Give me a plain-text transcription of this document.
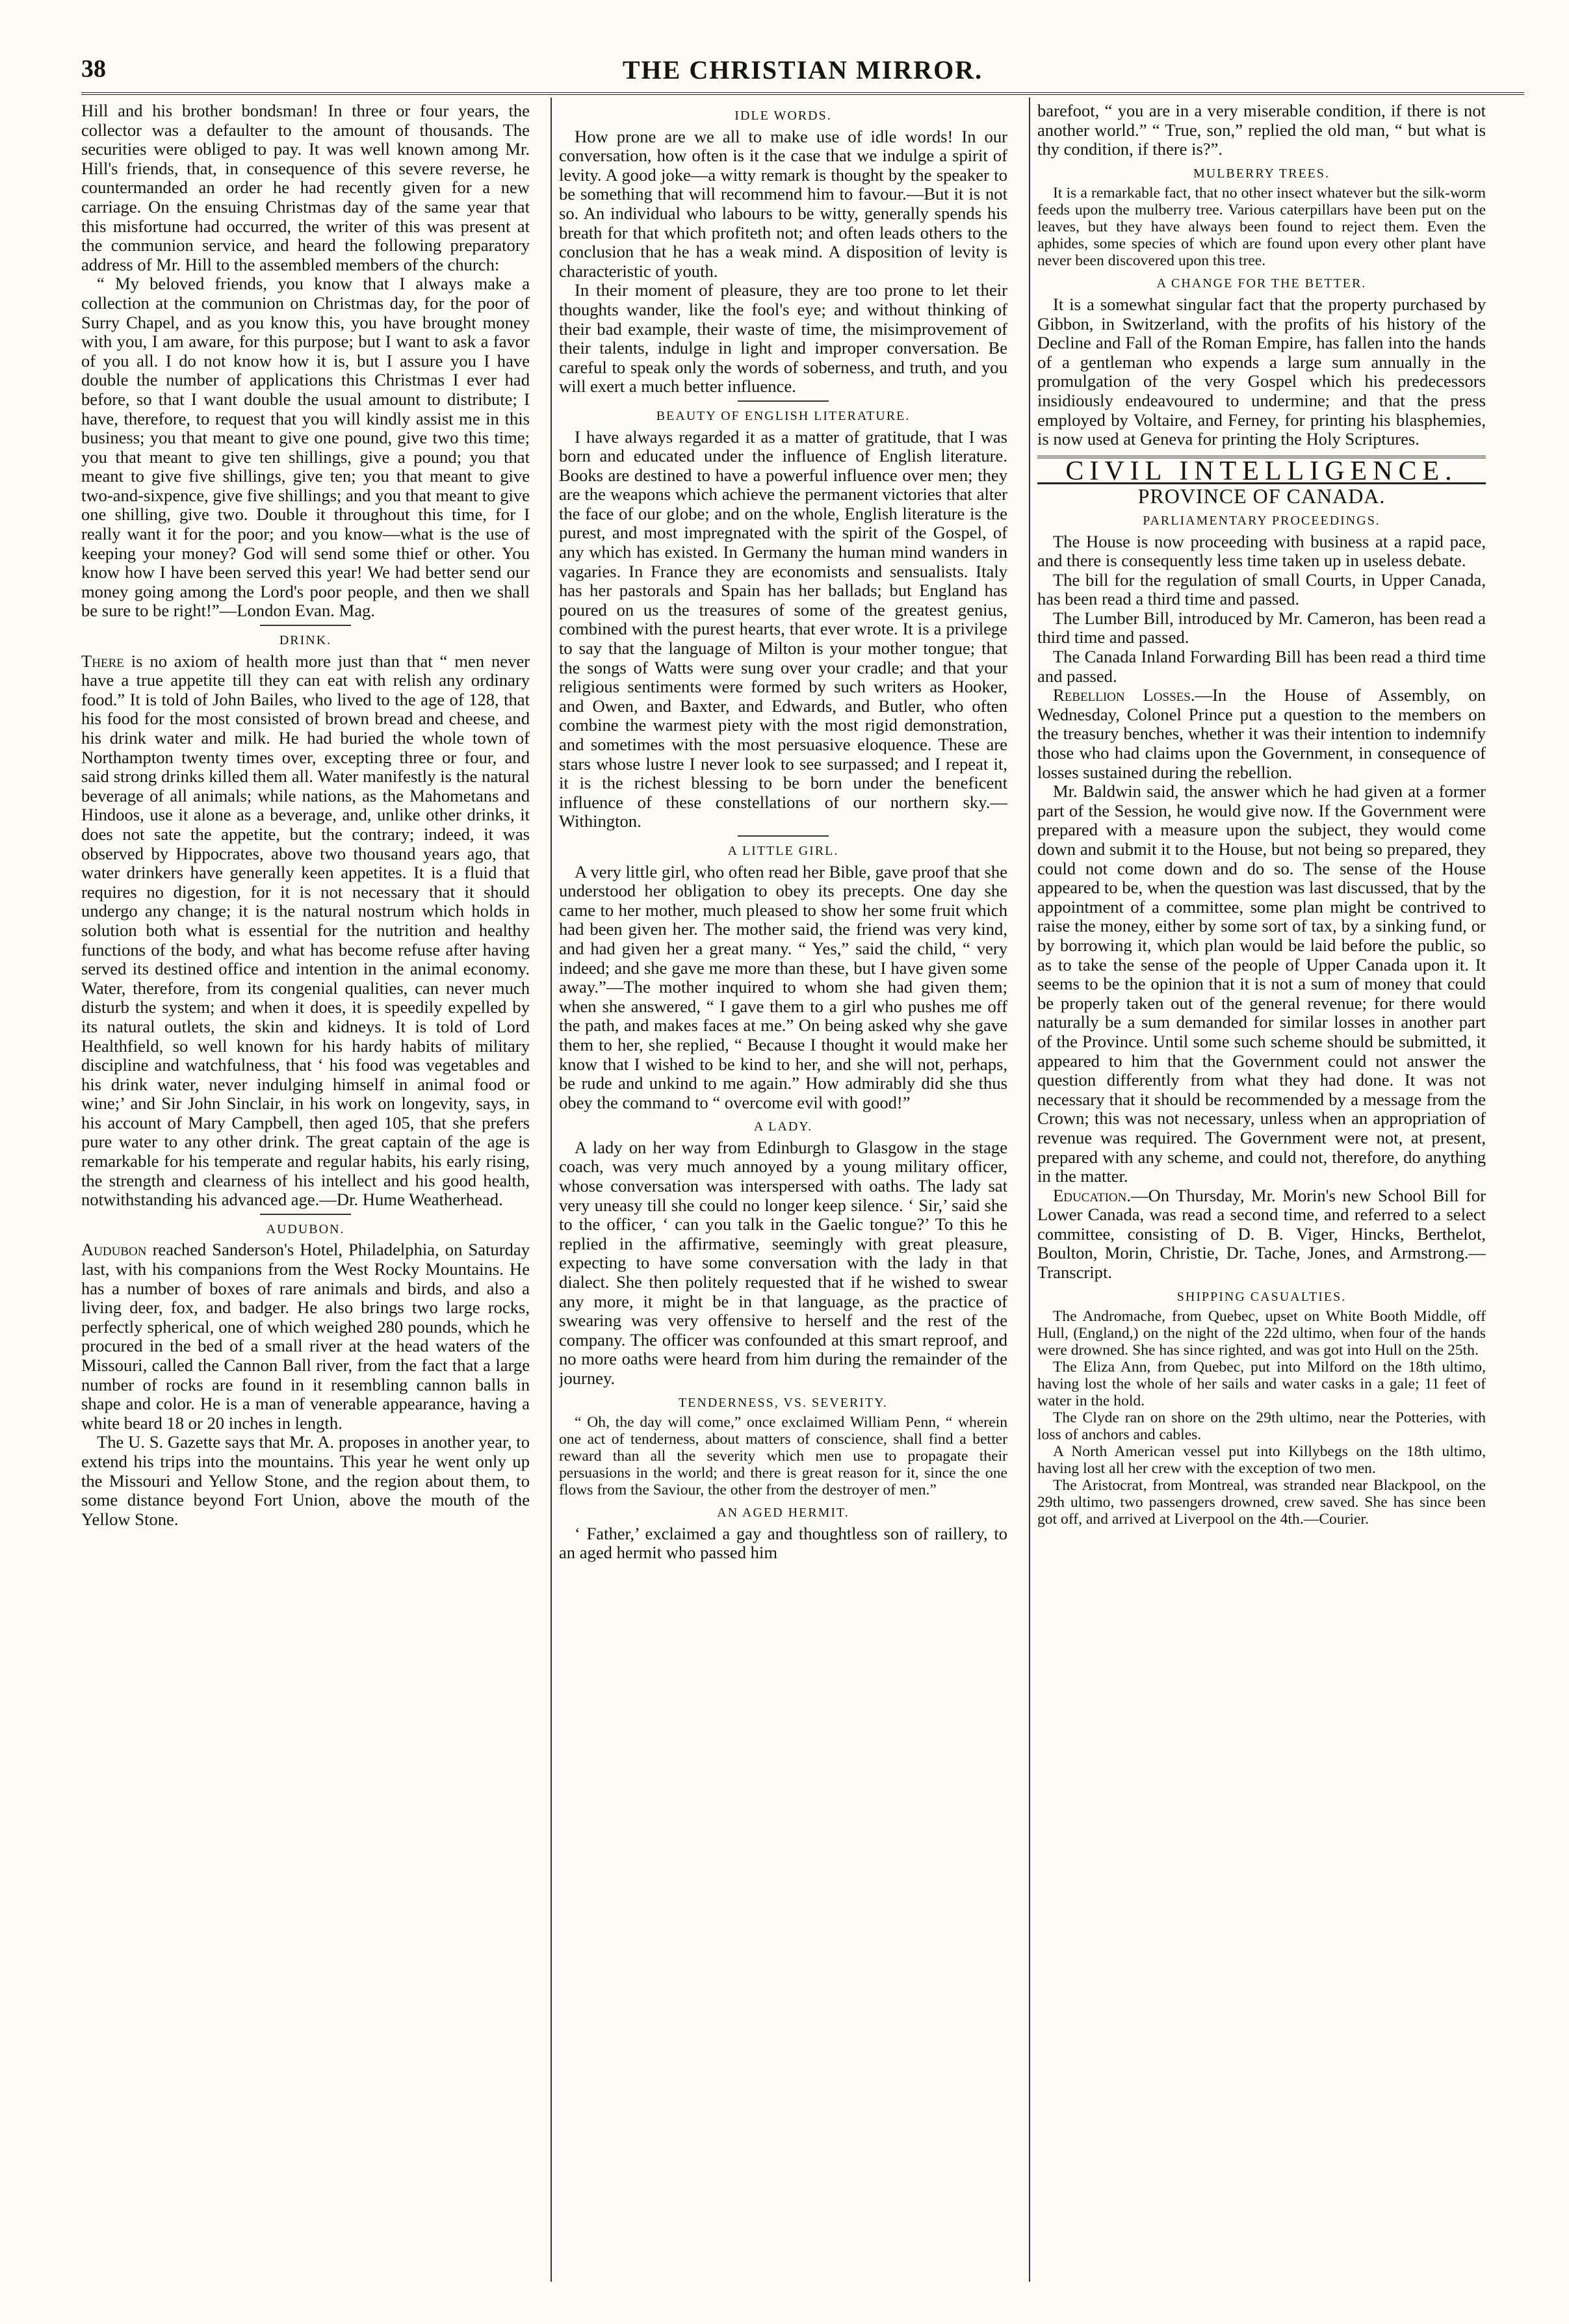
38	THE CHRISTIAN MIRROR.

Hill and his brother bondsman! In three or four years, the collector was a defaulter to the amount of thousands. The securities were obliged to pay. It was well known among Mr. Hill's friends, that, in consequence of this severe reverse, he countermanded an order he had recently given for a new carriage. On the ensuing Christmas day of the same year that this misfortune had occurred, the writer of this was present at the communion service, and heard the following preparatory address of Mr. Hill to the assembled members of the church:

“ My beloved friends, you know that I always make a collection at the communion on Christmas day, for the poor of Surry Chapel, and as you know this, you have brought money with you, I am aware, for this purpose; but I want to ask a favor of you all. I do not know how it is, but I assure you I have double the number of applications this Christmas I ever had before, so that I want double the usual amount to distribute; I have, therefore, to request that you will kindly assist me in this business; you that meant to give one pound, give two this time; you that meant to give ten shillings, give a pound; you that meant to give five shillings, give ten; you that meant to give two-and-sixpence, give five shillings; and you that meant to give one shilling, give two. Double it throughout this time, for I really want it for the poor; and you know—what is the use of keeping your money? God will send some thief or other. You know how I have been served this year! We had better send our money going among the Lord's poor people, and then we shall be sure to be right!”—London Evan. Mag.

DRINK.

There is no axiom of health more just than that “ men never have a true appetite till they can eat with relish any ordinary food.” It is told of John Bailes, who lived to the age of 128, that his food for the most consisted of brown bread and cheese, and his drink water and milk. He had buried the whole town of Northampton twenty times over, excepting three or four, and said strong drinks killed them all. Water manifestly is the natural beverage of all animals; while nations, as the Mahometans and Hindoos, use it alone as a beverage, and, unlike other drinks, it does not sate the appetite, but the contrary; indeed, it was observed by Hippocrates, above two thousand years ago, that water drinkers have generally keen appetites. It is a fluid that requires no digestion, for it is not necessary that it should undergo any change; it is the natural nostrum which holds in solution both what is essential for the nutrition and healthy functions of the body, and what has become refuse after having served its destined office and intention in the animal economy. Water, therefore, from its congenial qualities, can never much disturb the system; and when it does, it is speedily expelled by its natural outlets, the skin and kidneys. It is told of Lord Healthfield, so well known for his hardy habits of military discipline and watchfulness, that ‘ his food was vegetables and his drink water, never indulging himself in animal food or wine;’ and Sir John Sinclair, in his work on longevity, says, in his account of Mary Campbell, then aged 105, that she prefers pure water to any other drink. The great captain of the age is remarkable for his temperate and regular habits, his early rising, the strength and clearness of his intellect and his good health, notwithstanding his advanced age.—Dr. Hume Weatherhead.

AUDUBON.

Audubon reached Sanderson's Hotel, Philadelphia, on Saturday last, with his companions from the West Rocky Mountains. He has a number of boxes of rare animals and birds, and also a living deer, fox, and badger. He also brings two large rocks, perfectly spherical, one of which weighed 280 pounds, which he procured in the bed of a small river at the head waters of the Missouri, called the Cannon Ball river, from the fact that a large number of rocks are found in it resembling cannon balls in shape and color. He is a man of venerable appearance, having a white beard 18 or 20 inches in length.

The U. S. Gazette says that Mr. A. proposes in another year, to extend his trips into the mountains. This year he went only up the Missouri and Yellow Stone, and the region about them, to some distance beyond Fort Union, above the mouth of the Yellow Stone.

IDLE WORDS.

How prone are we all to make use of idle words! In our conversation, how often is it the case that we indulge a spirit of levity. A good joke—a witty remark is thought by the speaker to be something that will recommend him to favour.—But it is not so. An individual who labours to be witty, generally spends his breath for that which profiteth not; and often leads others to the conclusion that he has a weak mind. A disposition of levity is characteristic of youth.

In their moment of pleasure, they are too prone to let their thoughts wander, like the fool's eye; and without thinking of their bad example, their waste of time, the misimprovement of their talents, indulge in light and improper conversation. Be careful to speak only the words of soberness, and truth, and you will exert a much better influence.

BEAUTY OF ENGLISH LITERATURE.

I have always regarded it as a matter of gratitude, that I was born and educated under the influence of English literature. Books are destined to have a powerful influence over men; they are the weapons which achieve the permanent victories that alter the face of our globe; and on the whole, English literature is the purest, and most impregnated with the spirit of the Gospel, of any which has existed. In Germany the human mind wanders in vagaries. In France they are economists and sensualists. Italy has her pastorals and Spain has her ballads; but England has poured on us the treasures of some of the greatest genius, combined with the purest hearts, that ever wrote. It is a privilege to say that the language of Milton is your mother tongue; that the songs of Watts were sung over your cradle; and that your religious sentiments were formed by such writers as Hooker, and Owen, and Baxter, and Edwards, and Butler, who often combine the warmest piety with the most rigid demonstration, and sometimes with the most persuasive eloquence. These are stars whose lustre I never look to see surpassed; and I repeat it, it is the richest blessing to be born under the beneficent influence of these constellations of our northern sky.—Withington.

A LITTLE GIRL.

A very little girl, who often read her Bible, gave proof that she understood her obligation to obey its precepts. One day she came to her mother, much pleased to show her some fruit which had been given her. The mother said, the friend was very kind, and had given her a great many. “ Yes,” said the child, “ very indeed; and she gave me more than these, but I have given some away.”—The mother inquired to whom she had given them; when she answered, “ I gave them to a girl who pushes me off the path, and makes faces at me.” On being asked why she gave them to her, she replied, “ Because I thought it would make her know that I wished to be kind to her, and she will not, perhaps, be rude and unkind to me again.” How admirably did she thus obey the command to “ overcome evil with good!”

A LADY.

A lady on her way from Edinburgh to Glasgow in the stage coach, was very much annoyed by a young military officer, whose conversation was interspersed with oaths. The lady sat very uneasy till she could no longer keep silence. ‘ Sir,’ said she to the officer, ‘ can you talk in the Gaelic tongue?’ To this he replied in the affirmative, seemingly with great pleasure, expecting to have some conversation with the lady in that dialect. She then politely requested that if he wished to swear any more, it might be in that language, as the practice of swearing was very offensive to herself and the rest of the company. The officer was confounded at this smart reproof, and no more oaths were heard from him during the remainder of the journey.

TENDERNESS, VS. SEVERITY.

“ Oh, the day will come,” once exclaimed William Penn, “ wherein one act of tenderness, about matters of conscience, shall find a better reward than all the severity which men use to propagate their persuasions in the world; and there is great reason for it, since the one flows from the Saviour, the other from the destroyer of men.”

AN AGED HERMIT.

‘ Father,’ exclaimed a gay and thoughtless son of raillery, to an aged hermit who passed him

barefoot, “ you are in a very miserable condition, if there is not another world.” “ True, son,” replied the old man, “ but what is thy condition, if there is?”.

MULBERRY TREES.

It is a remarkable fact, that no other insect whatever but the silk-worm feeds upon the mulberry tree. Various caterpillars have been put on the leaves, but they have always been found to reject them. Even the aphides, some species of which are found upon every other plant have never been discovered upon this tree.

A CHANGE FOR THE BETTER.

It is a somewhat singular fact that the property purchased by Gibbon, in Switzerland, with the profits of his history of the Decline and Fall of the Roman Empire, has fallen into the hands of a gentleman who expends a large sum annually in the promulgation of the very Gospel which his predecessors insidiously endeavoured to undermine; and that the press employed by Voltaire, and Ferney, for printing his blasphemies, is now used at Geneva for printing the Holy Scriptures.

CIVIL INTELLIGENCE.
PROVINCE OF CANADA.
PARLIAMENTARY PROCEEDINGS.

The House is now proceeding with business at a rapid pace, and there is consequently less time taken up in useless debate.

The bill for the regulation of small Courts, in Upper Canada, has been read a third time and passed.

The Lumber Bill, introduced by Mr. Cameron, has been read a third time and passed.

The Canada Inland Forwarding Bill has been read a third time and passed.

Rebellion Losses.—In the House of Assembly, on Wednesday, Colonel Prince put a question to the members on the treasury benches, whether it was their intention to indemnify those who had claims upon the Government, in consequence of losses sustained during the rebellion.

Mr. Baldwin said, the answer which he had given at a former part of the Session, he would give now. If the Government were prepared with a measure upon the subject, they would come down and submit it to the House, but not being so prepared, they could not come down and do so. The sense of the House appeared to be, when the question was last discussed, that by the appointment of a committee, some plan might be contrived to raise the money, either by some sort of tax, by a sinking fund, or by borrowing it, which plan would be laid before the public, so as to take the sense of the people of Upper Canada upon it. It seems to be the opinion that it is not a sum of money that could be properly taken out of the general revenue; for there would naturally be a sum demanded for similar losses in another part of the Province. Until some such scheme should be submitted, it appeared to him that the Government could not answer the question differently from what they had done. It was not necessary that it should be recommended by a message from the Crown; this was not necessary, unless when an appropriation of revenue was required. The Government were not, at present, prepared with any scheme, and could not, therefore, do anything in the matter.

Education.—On Thursday, Mr. Morin's new School Bill for Lower Canada, was read a second time, and referred to a select committee, consisting of D. B. Viger, Hincks, Berthelot, Boulton, Morin, Christie, Dr. Tache, Jones, and Armstrong.—Transcript.

SHIPPING CASUALTIES.

The Andromache, from Quebec, upset on White Booth Middle, off Hull, (England,) on the night of the 22d ultimo, when four of the hands were drowned. She has since righted, and was got into Hull on the 25th.

The Eliza Ann, from Quebec, put into Milford on the 18th ultimo, having lost the whole of her sails and water casks in a gale; 11 feet of water in the hold.

The Clyde ran on shore on the 29th ultimo, near the Potteries, with loss of anchors and cables.

A North American vessel put into Killybegs on the 18th ultimo, having lost all her crew with the exception of two men.

The Aristocrat, from Montreal, was stranded near Blackpool, on the 29th ultimo, two passengers drowned, crew saved. She has since been got off, and arrived at Liverpool on the 4th.—Courier.
